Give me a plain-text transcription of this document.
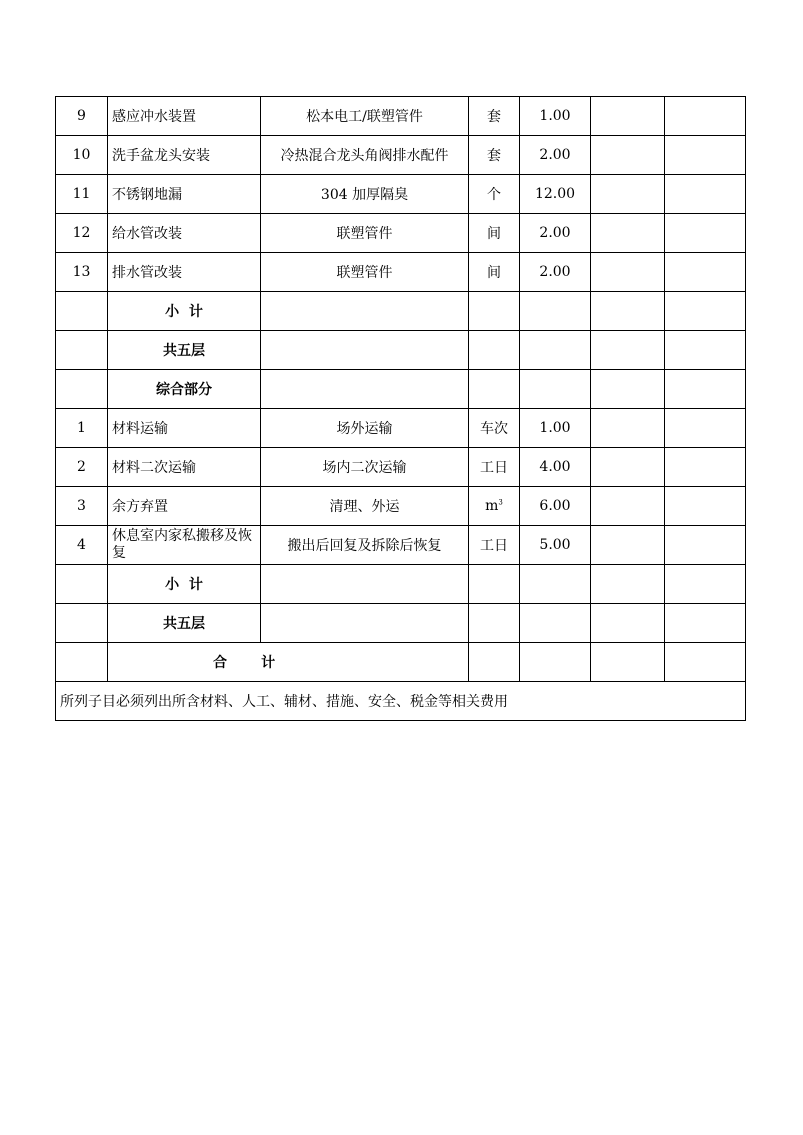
9	感应冲水装置	松本电工/联塑管件	套	1.00		
10	洗手盆龙头安装	冷热混合龙头角阀排水配件	套	2.00		
11	不锈钢地漏	304 加厚隔臭	个	12.00		
12	给水管改装	联塑管件	间	2.00		
13	排水管改装	联塑管件	间	2.00		
	小  计					
	共五层					
	综合部分					
1	材料运输	场外运输	车次	1.00		
2	材料二次运输	场内二次运输	工日	4.00		
3	余方弃置	清理、外运	$m^3$	6.00		
4	休息室内家私搬移及恢复	搬出后回复及拆除后恢复	工日	5.00		
	小  计					
	共五层					
	合       计					
所列子目必须列出所含材料、人工、辅材、措施、安全、税金等相关费用						
